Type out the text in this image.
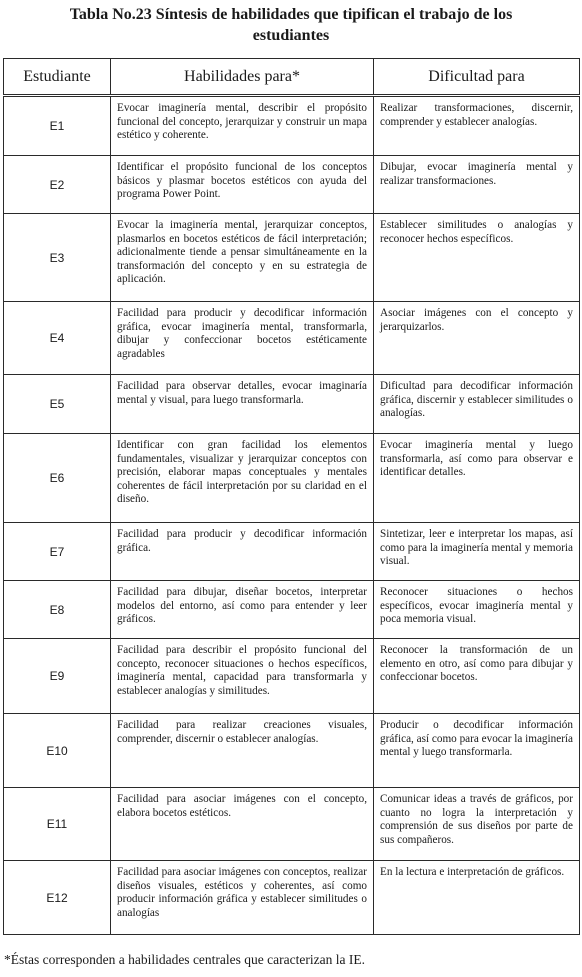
Tabla No.23 Síntesis de habilidades que tipifican el trabajo de los estudiantes
Estudiante	Habilidades para*	Dificultad para
E1	Evocar imaginería mental, describir el propósito funcional del concepto, jerarquizar y construir un mapa estético y coherente.	Realizar transformaciones, discernir, comprender y establecer analogías.
E2	Identificar el propósito funcional de los conceptos básicos y plasmar bocetos estéticos con ayuda del programa Power Point.	Dibujar, evocar imaginería mental y realizar transformaciones.
E3	Evocar la imaginería mental, jerarquizar conceptos, plasmarlos en bocetos estéticos de fácil interpretación; adicionalmente tiende a pensar simultáneamente en la transformación del concepto y en su estrategia de aplicación.	Establecer similitudes o analogías y reconocer hechos específicos.
E4	Facilidad para producir y decodificar información gráfica, evocar imaginería mental, transformarla, dibujar y confeccionar bocetos estéticamente agradables	Asociar imágenes con el concepto y jerarquizarlos.
E5	Facilidad para observar detalles, evocar imaginaría mental y visual, para luego transformarla.	Dificultad para decodificar información gráfica, discernir y establecer similitudes o analogías.
E6	Identificar con gran facilidad los elementos fundamentales, visualizar y jerarquizar conceptos con precisión, elaborar mapas conceptuales y mentales coherentes de fácil interpretación por su claridad en el diseño.	Evocar imaginería mental y luego transformarla, así como para observar e identificar detalles.
E7	Facilidad para producir y decodificar información gráfica.	Sintetizar, leer e interpretar los mapas, así como para la imaginería mental y memoria visual.
E8	Facilidad para dibujar, diseñar bocetos, interpretar modelos del entorno, así como para entender y leer gráficos.	Reconocer situaciones o hechos específicos, evocar imaginería mental y poca memoria visual.
E9	Facilidad para describir el propósito funcional del concepto, reconocer situaciones o hechos específicos, imaginería mental, capacidad para transformarla y establecer analogías y similitudes.	Reconocer la transformación de un elemento en otro, así como para dibujar y confeccionar bocetos.
E10	Facilidad para realizar creaciones visuales, comprender, discernir o establecer analogías.	Producir o decodificar información gráfica, así como para evocar la imaginería mental y luego transformarla.
E11	Facilidad para asociar imágenes con el concepto, elabora bocetos estéticos.	Comunicar ideas a través de gráficos, por cuanto no logra la interpretación y comprensión de sus diseños por parte de sus compañeros.
E12	Facilidad para asociar imágenes con conceptos, realizar diseños visuales, estéticos y coherentes, así como producir información gráfica y establecer similitudes o analogías	En la lectura e interpretación de gráficos.
*Éstas corresponden a habilidades centrales que caracterizan la IE.
